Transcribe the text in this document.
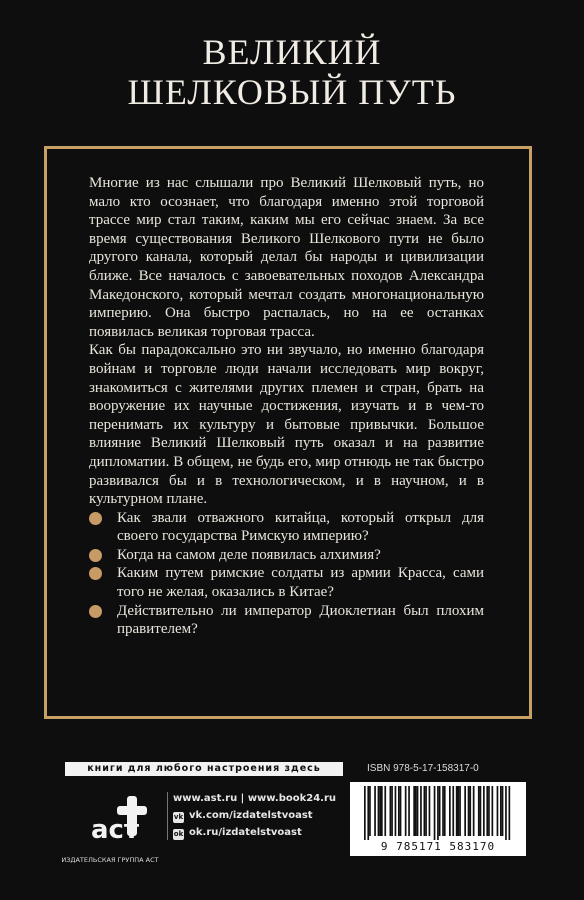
ВЕЛИКИЙ
ШЕЛКОВЫЙ ПУТЬ

Многие из нас слышали про Великий Шелковый путь, но мало кто осознает, что благодаря именно этой торговой трассе мир стал таким, каким мы его сейчас знаем. За все время существования Великого Шелкового пути не было другого канала, который делал бы народы и цивилизации ближе. Все началось с завоевательных походов Александра Македонского, который мечтал создать многонациональную империю. Она быстро распалась, но на ее останках появилась великая торговая трасса.

Как бы парадоксально это ни звучало, но именно благодаря войнам и торговле люди начали исследовать мир вокруг, знакомиться с жителями других племен и стран, брать на вооружение их научные достижения, изучать и в чем-то перенимать их культуру и бытовые привычки. Большое влияние Великий Шелковый путь оказал и на развитие дипломатии. В общем, не будь его, мир отнюдь не так быстро развивался бы и в технологическом, и в научном, и в культурном плане.

Как звали отважного китайца, который открыл для своего государства Римскую империю?
Когда на самом деле появилась алхимия?
Каким путем римские солдаты из армии Красса, сами того не желая, оказались в Китае?
Действительно ли император Диоклетиан был плохим правителем?
книги для любого настроения здесь	ISBN 978-5-17-158317-0
аст
ИЗДАТЕЛЬСКАЯ ГРУППА АСТ
www.ast.ru | www.book24.ru
vk vk.com/izdatelstvoast
ok ok.ru/izdatelstvoast
9 785171 583170
